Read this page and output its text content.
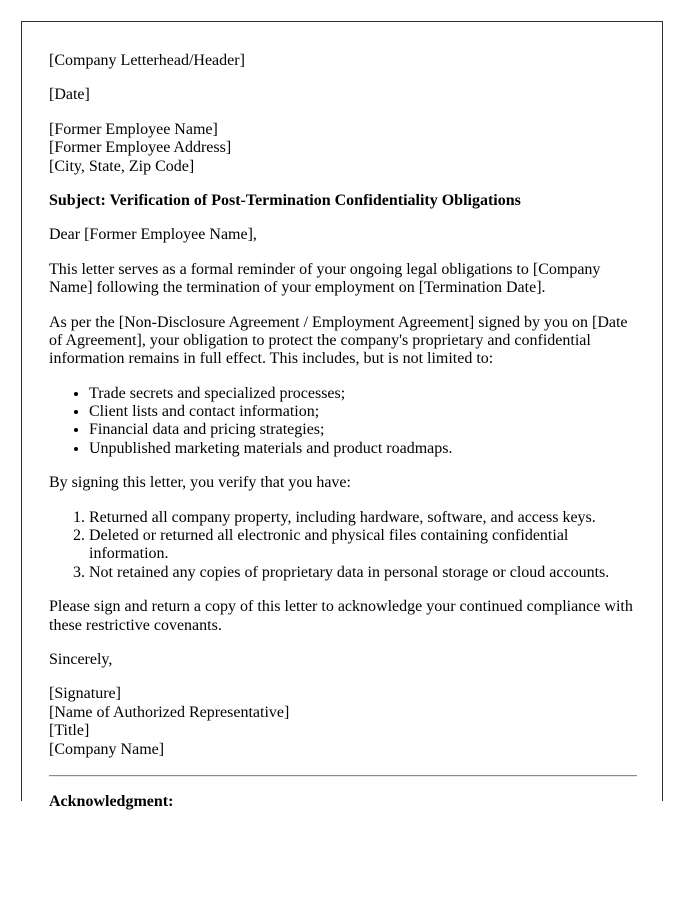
[Company Letterhead/Header]

[Date]

[Former Employee Name]
[Former Employee Address]
[City, State, Zip Code]

Subject: Verification of Post-Termination Confidentiality Obligations

Dear [Former Employee Name],

This letter serves as a formal reminder of your ongoing legal obligations to [Company Name] following the termination of your employment on [Termination Date].

As per the [Non-Disclosure Agreement / Employment Agreement] signed by you on [Date of Agreement], your obligation to protect the company's proprietary and confidential information remains in full effect. This includes, but is not limited to:

• Trade secrets and specialized processes;
• Client lists and contact information;
• Financial data and pricing strategies;
• Unpublished marketing materials and product roadmaps.

By signing this letter, you verify that you have:

1. Returned all company property, including hardware, software, and access keys.
2. Deleted or returned all electronic and physical files containing confidential information.
3. Not retained any copies of proprietary data in personal storage or cloud accounts.

Please sign and return a copy of this letter to acknowledge your continued compliance with these restrictive covenants.

Sincerely,

[Signature]
[Name of Authorized Representative]
[Title]
[Company Name]

Acknowledgment:
